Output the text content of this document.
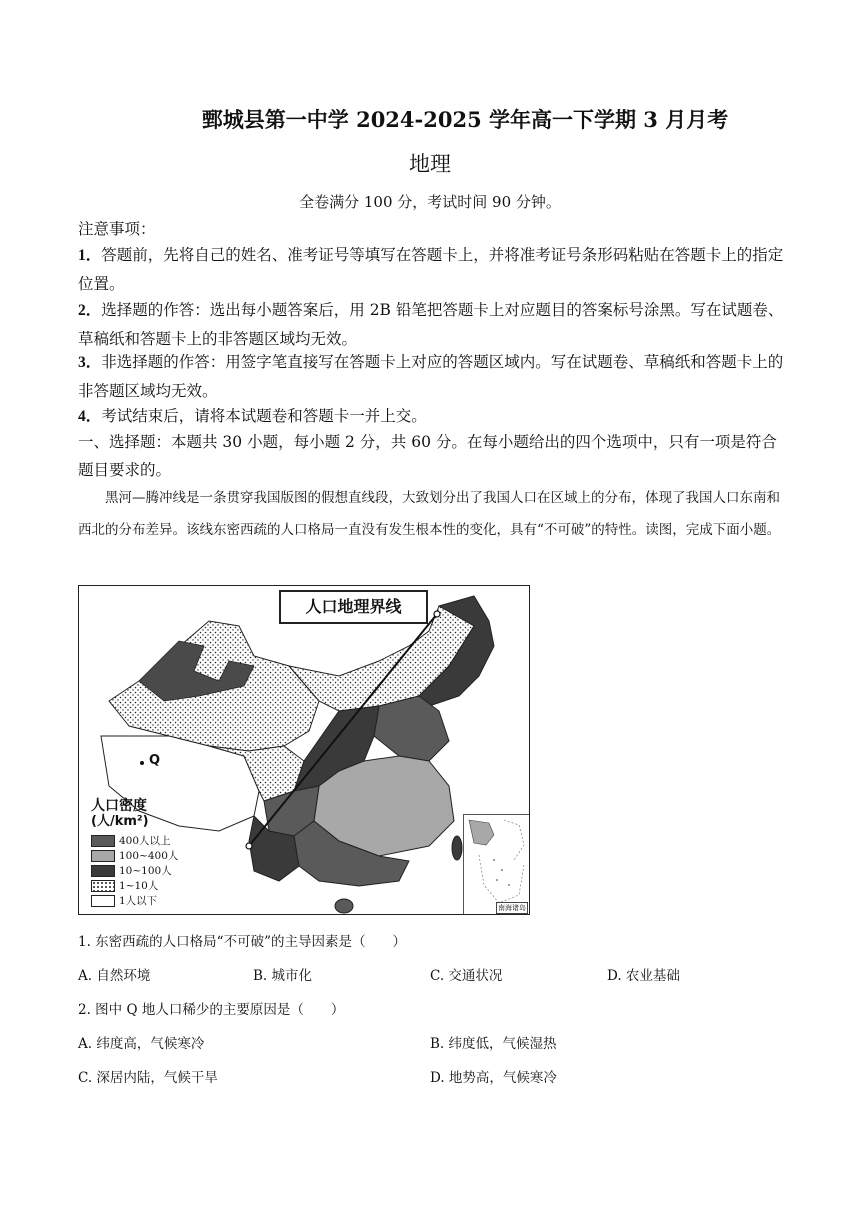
鄄城县第一中学 2024-2025 学年高一下学期 3 月月考
地理
全卷满分 100 分，考试时间 90 分钟。
注意事项：
1．答题前，先将自己的姓名、准考证号等填写在答题卡上，并将准考证号条形码粘贴在答题卡上的指定位置。
2．选择题的作答：选出每小题答案后，用 2B 铅笔把答题卡上对应题目的答案标号涂黑。写在试题卷、草稿纸和答题卡上的非答题区域均无效。
3．非选择题的作答：用签字笔直接写在答题卡上对应的答题区域内。写在试题卷、草稿纸和答题卡上的非答题区域均无效。
4．考试结束后，请将本试题卷和答题卡一并上交。
一、选择题：本题共 30 小题，每小题 2 分，共 60 分。在每小题给出的四个选项中，只有一项是符合题目要求的。
黑河—腾冲线是一条贯穿我国版图的假想直线段，大致划分出了我国人口在区域上的分布，体现了我国人口东南和西北的分布差异。该线东密西疏的人口格局一直没有发生根本性的变化，具有“不可破”的特性。读图，完成下面小题。
Q
人口地理界线
人口密度
(人/km²)
400人以上
100~400人
10~100人
1~10人
1人以下
南海诸岛
1. 东密西疏的人口格局“不可破”的主导因素是（　　）
A. 自然环境	B. 城市化	C. 交通状况	D. 农业基础
2. 图中 Q 地人口稀少的主要原因是（　　）
A. 纬度高，气候寒冷	B. 纬度低，气候湿热
C. 深居内陆，气候干旱	D. 地势高，气候寒冷
